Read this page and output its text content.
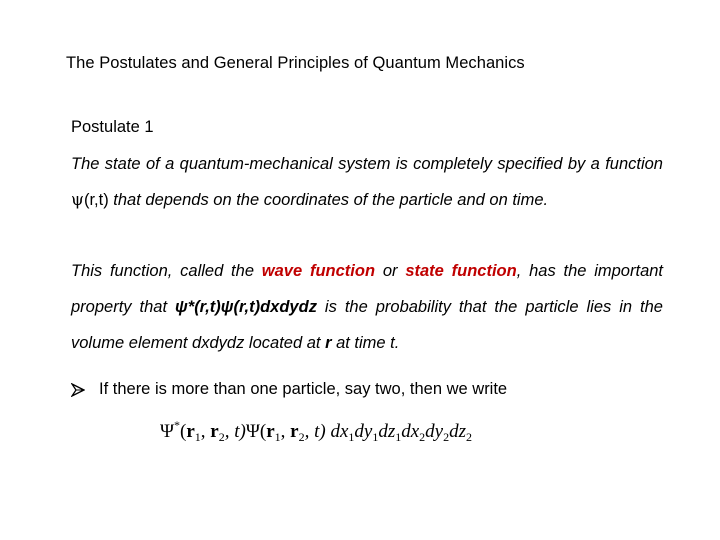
The Postulates and General Principles of Quantum Mechanics
Postulate 1
The state of a quantum-mechanical system is completely specified by a function ψ(r,t) that depends on the coordinates of the particle and on time.
This function, called the wave function or state function, has the important property that ψ*(r,t)ψ(r,t)dxdydz is the probability that the particle lies in the volume element dxdydz located at r at time t.
If there is more than one particle, say two, then we write
$\Psi^*(r_1$, $r_2$, $t)\Psi(r_1$, $r_2$, t) $dx_1dy_1dz_1dx_2dy_2dz_2$
